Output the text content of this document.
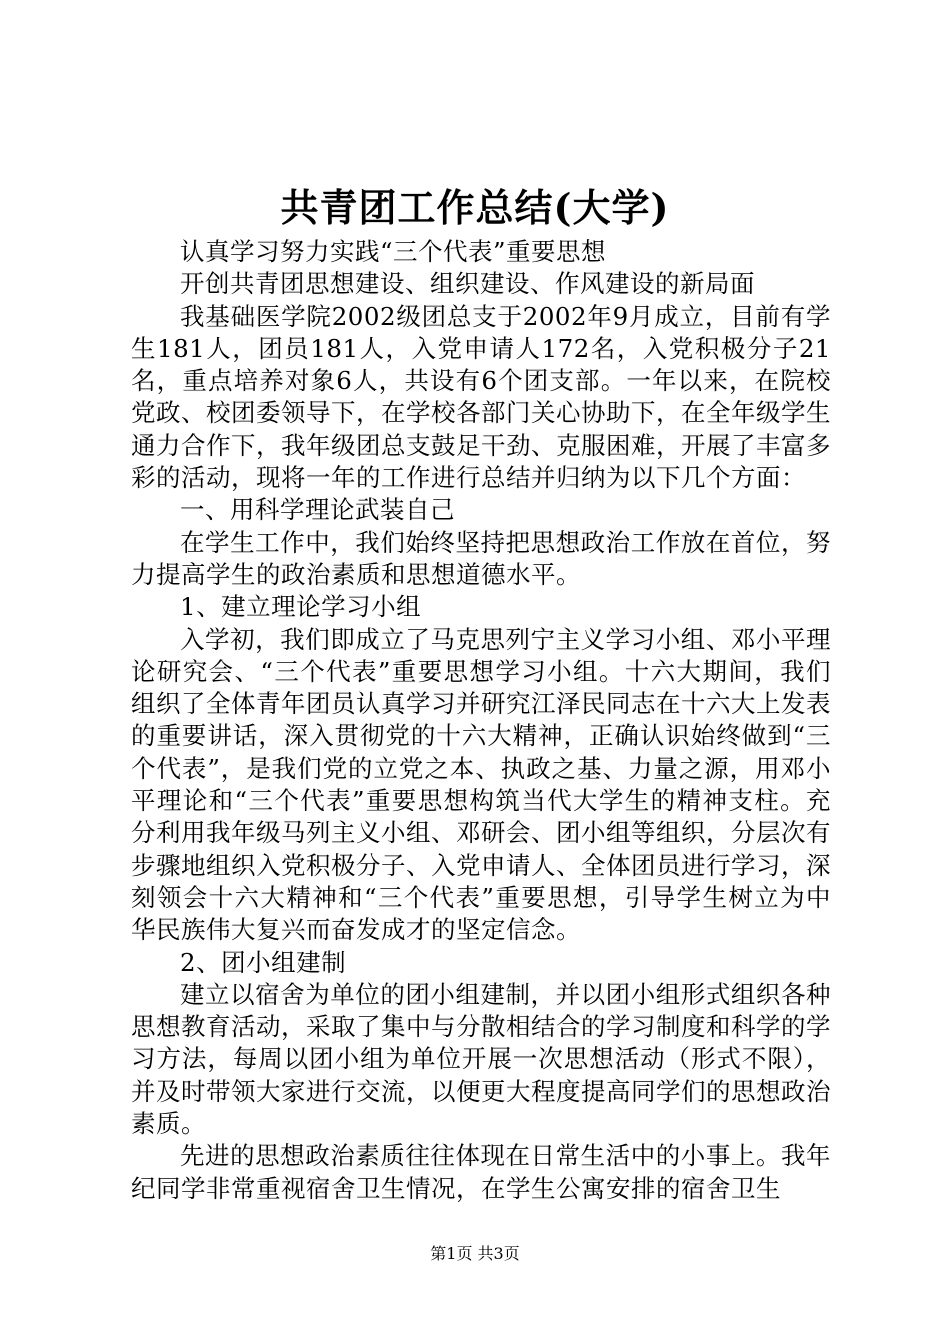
共青团工作总结(大学)

认真学习努力实践“三个代表”重要思想

开创共青团思想建设、组织建设、作风建设的新局面

我基础医学院2002级团总支于2002年9月成立，目前有学生181人，团员181人，入党申请人172名，入党积极分子21名，重点培养对象6人，共设有6个团支部。一年以来，在院校党政、校团委领导下，在学校各部门关心协助下，在全年级学生通力合作下，我年级团总支鼓足干劲、克服困难，开展了丰富多彩的活动，现将一年的工作进行总结并归纳为以下几个方面：

一、用科学理论武装自己

在学生工作中，我们始终坚持把思想政治工作放在首位，努力提高学生的政治素质和思想道德水平。

1、建立理论学习小组

入学初，我们即成立了马克思列宁主义学习小组、邓小平理论研究会、“三个代表”重要思想学习小组。十六大期间，我们组织了全体青年团员认真学习并研究江泽民同志在十六大上发表的重要讲话，深入贯彻党的十六大精神，正确认识始终做到“三个代表”，是我们党的立党之本、执政之基、力量之源，用邓小平理论和“三个代表”重要思想构筑当代大学生的精神支柱。充分利用我年级马列主义小组、邓研会、团小组等组织，分层次有步骤地组织入党积极分子、入党申请人、全体团员进行学习，深刻领会十六大精神和“三个代表”重要思想，引导学生树立为中华民族伟大复兴而奋发成才的坚定信念。

2、团小组建制

建立以宿舍为单位的团小组建制，并以团小组形式组织各种思想教育活动，采取了集中与分散相结合的学习制度和科学的学习方法，每周以团小组为单位开展一次思想活动（形式不限），并及时带领大家进行交流，以便更大程度提高同学们的思想政治素质。

先进的思想政治素质往往体现在日常生活中的小事上。我年纪同学非常重视宿舍卫生情况，在学生公寓安排的宿舍卫生

第1页 共3页
